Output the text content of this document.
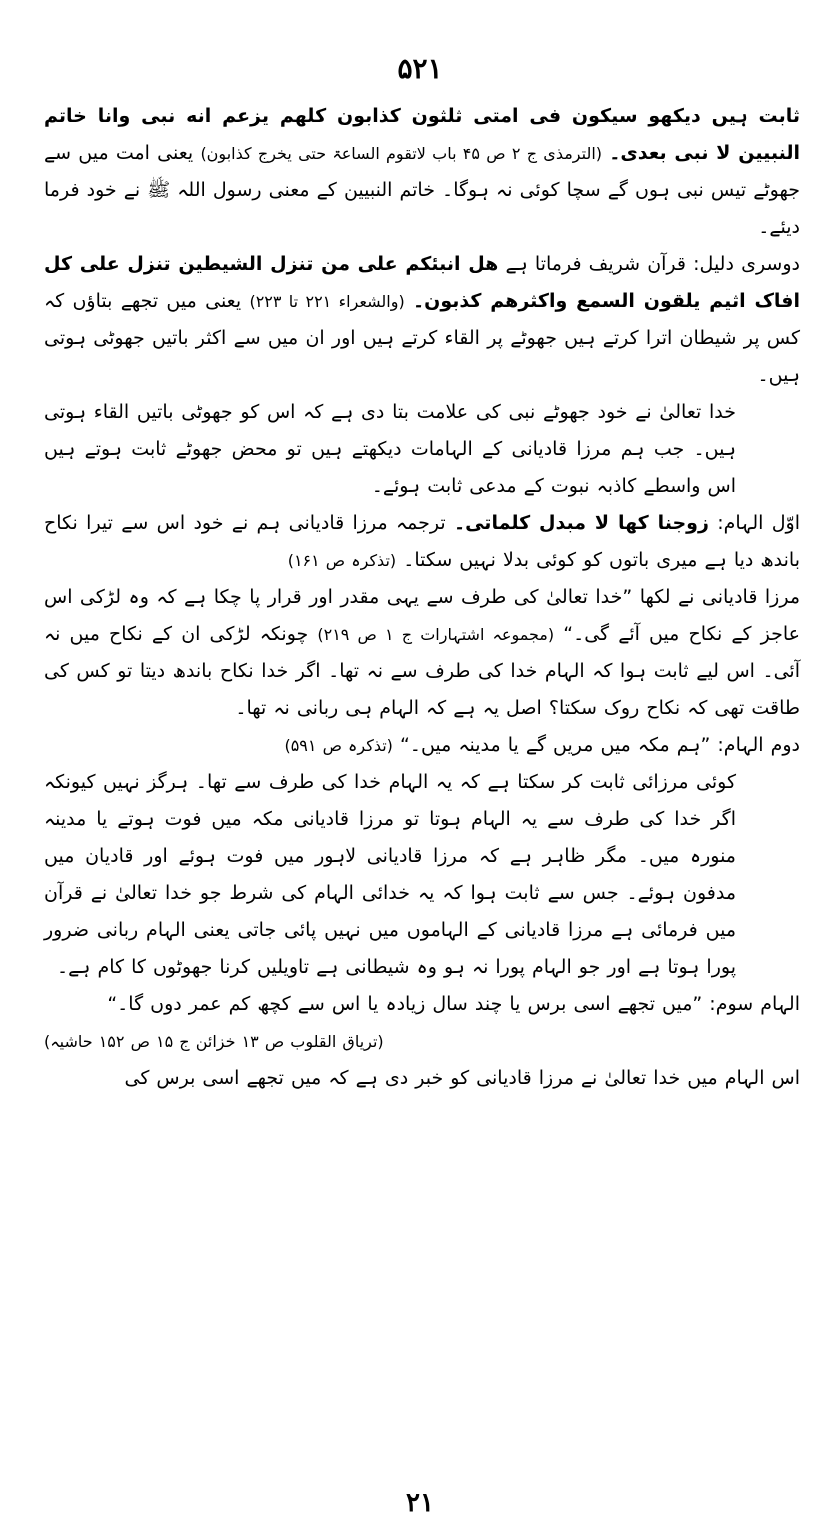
۵۲۱

ثابت ہیں دیکھو سیکون فی امتی ثلثون کذابون کلھم یزعم انه نبی وانا خاتم النبیین لا نبی بعدی۔ (الترمذی ج ۲ ص ۴۵ باب لاتقوم الساعۃ حتی یخرج کذابون) یعنی امت میں سے جھوٹے تیس نبی ہوں گے سچا کوئی نہ ہوگا۔ خاتم النبیین کے معنی رسول اللہ ﷺ نے خود فرما دیئے۔

دوسری دلیل: قرآن شریف فرماتا ہے هل انبئکم علی من تنزل الشیطین تنزل علی کل افاک اثیم یلقون السمع واکثرهم کذبون۔ (والشعراء ۲۲۱ تا ۲۲۳) یعنی میں تجھے بتاؤں کہ کس پر شیطان اترا کرتے ہیں جھوٹے پر القاء کرتے ہیں اور ان میں سے اکثر باتیں جھوٹی ہوتی ہیں۔

خدا تعالیٰ نے خود جھوٹے نبی کی علامت بتا دی ہے کہ اس کو جھوٹی باتیں القاء ہوتی ہیں۔ جب ہم مرزا قادیانی کے الہامات دیکھتے ہیں تو محض جھوٹے ثابت ہوتے ہیں اس واسطے کاذبہ نبوت کے مدعی ثابت ہوئے۔

اوّل الہام: زوجنا کھا لا مبدل کلماتی۔ ترجمہ مرزا قادیانی ہم نے خود اس سے تیرا نکاح باندھ دیا ہے میری باتوں کو کوئی بدلا نہیں سکتا۔ (تذکرہ ص ۱۶۱)

مرزا قادیانی نے لکھا ”خدا تعالیٰ کی طرف سے یہی مقدر اور قرار پا چکا ہے کہ وہ لڑکی اس عاجز کے نکاح میں آئے گی۔“ (مجموعہ اشتہارات ج ۱ ص ۲۱۹) چونکہ لڑکی ان کے نکاح میں نہ آئی۔ اس لیے ثابت ہوا کہ الہام خدا کی طرف سے نہ تھا۔ اگر خدا نکاح باندھ دیتا تو کس کی طاقت تھی کہ نکاح روک سکتا؟ اصل یہ ہے کہ الہام ہی ربانی نہ تھا۔

دوم الہام: ”ہم مکہ میں مریں گے یا مدینہ میں۔“ (تذکرہ ص ۵۹۱)

کوئی مرزائی ثابت کر سکتا ہے کہ یہ الہام خدا کی طرف سے تھا۔ ہرگز نہیں کیونکہ اگر خدا کی طرف سے یہ الہام ہوتا تو مرزا قادیانی مکہ میں فوت ہوتے یا مدینہ منورہ میں۔ مگر ظاہر ہے کہ مرزا قادیانی لاہور میں فوت ہوئے اور قادیان میں مدفون ہوئے۔ جس سے ثابت ہوا کہ یہ خدائی الہام کی شرط جو خدا تعالیٰ نے قرآن میں فرمائی ہے مرزا قادیانی کے الہاموں میں نہیں پائی جاتی یعنی الہام ربانی ضرور پورا ہوتا ہے اور جو الہام پورا نہ ہو وہ شیطانی ہے تاویلیں کرنا جھوٹوں کا کام ہے۔

الہام سوم: ”میں تجھے اسی برس یا چند سال زیادہ یا اس سے کچھ کم عمر دوں گا۔“

(تریاق القلوب ص ۱۳ خزائن ج ۱۵ ص ۱۵۲ حاشیہ)

اس الہام میں خدا تعالیٰ نے مرزا قادیانی کو خبر دی ہے کہ میں تجھے اسی برس کی

۲۱
